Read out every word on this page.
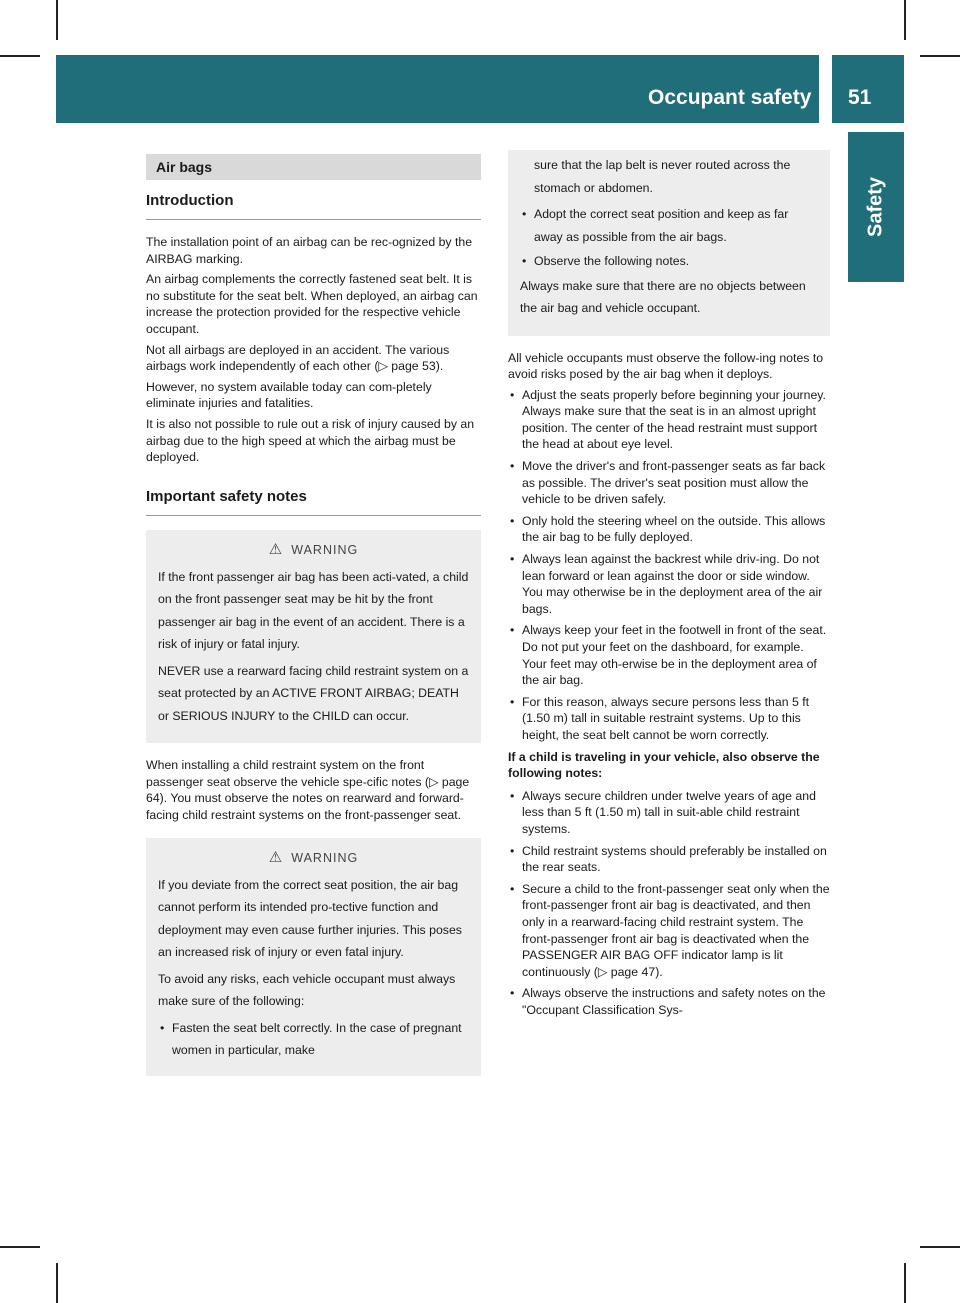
Occupant safety 51
Safety
Air bags
Introduction

The installation point of an airbag can be rec-ognized by the AIRBAG marking.

An airbag complements the correctly fastened seat belt. It is no substitute for the seat belt. When deployed, an airbag can increase the protection provided for the respective vehicle occupant.

Not all airbags are deployed in an accident. The various airbags work independently of each other (▷ page 53).

However, no system available today can com-pletely eliminate injuries and fatalities.

It is also not possible to rule out a risk of injury caused by an airbag due to the high speed at which the airbag must be deployed.

Important safety notes
⚠ WARNING

If the front passenger air bag has been acti-vated, a child on the front passenger seat may be hit by the front passenger air bag in the event of an accident. There is a risk of injury or fatal injury.

NEVER use a rearward facing child restraint system on a seat protected by an ACTIVE FRONT AIRBAG; DEATH or SERIOUS INJURY to the CHILD can occur.

When installing a child restraint system on the front passenger seat observe the vehicle spe-cific notes (▷ page 64). You must observe the notes on rearward and forward-facing child restraint systems on the front-passenger seat.

⚠ WARNING

If you deviate from the correct seat position, the air bag cannot perform its intended pro-tective function and deployment may even cause further injuries. This poses an increased risk of injury or even fatal injury.

To avoid any risks, each vehicle occupant must always make sure of the following:

• Fasten the seat belt correctly. In the case of pregnant women in particular, make

sure that the lap belt is never routed across the stomach or abdomen.

• Adopt the correct seat position and keep as far away as possible from the air bags.
• Observe the following notes.

Always make sure that there are no objects between the air bag and vehicle occupant.

All vehicle occupants must observe the follow-ing notes to avoid risks posed by the air bag when it deploys.

• Adjust the seats properly before beginning your journey. Always make sure that the seat is in an almost upright position. The center of the head restraint must support the head at about eye level.
• Move the driver's and front-passenger seats as far back as possible. The driver's seat position must allow the vehicle to be driven safely.
• Only hold the steering wheel on the outside. This allows the air bag to be fully deployed.
• Always lean against the backrest while driv-ing. Do not lean forward or lean against the door or side window. You may otherwise be in the deployment area of the air bags.
• Always keep your feet in the footwell in front of the seat. Do not put your feet on the dashboard, for example. Your feet may oth-erwise be in the deployment area of the air bag.
• For this reason, always secure persons less than 5 ft (1.50 m) tall in suitable restraint systems. Up to this height, the seat belt cannot be worn correctly.

If a child is traveling in your vehicle, also observe the following notes:

• Always secure children under twelve years of age and less than 5 ft (1.50 m) tall in suit-able child restraint systems.
• Child restraint systems should preferably be installed on the rear seats.
• Secure a child to the front-passenger seat only when the front-passenger front air bag is deactivated, and then only in a rearward-facing child restraint system. The front-passenger front air bag is deactivated when the PASSENGER AIR BAG OFF indicator lamp is lit continuously (▷ page 47).
• Always observe the instructions and safety notes on the "Occupant Classification Sys-
